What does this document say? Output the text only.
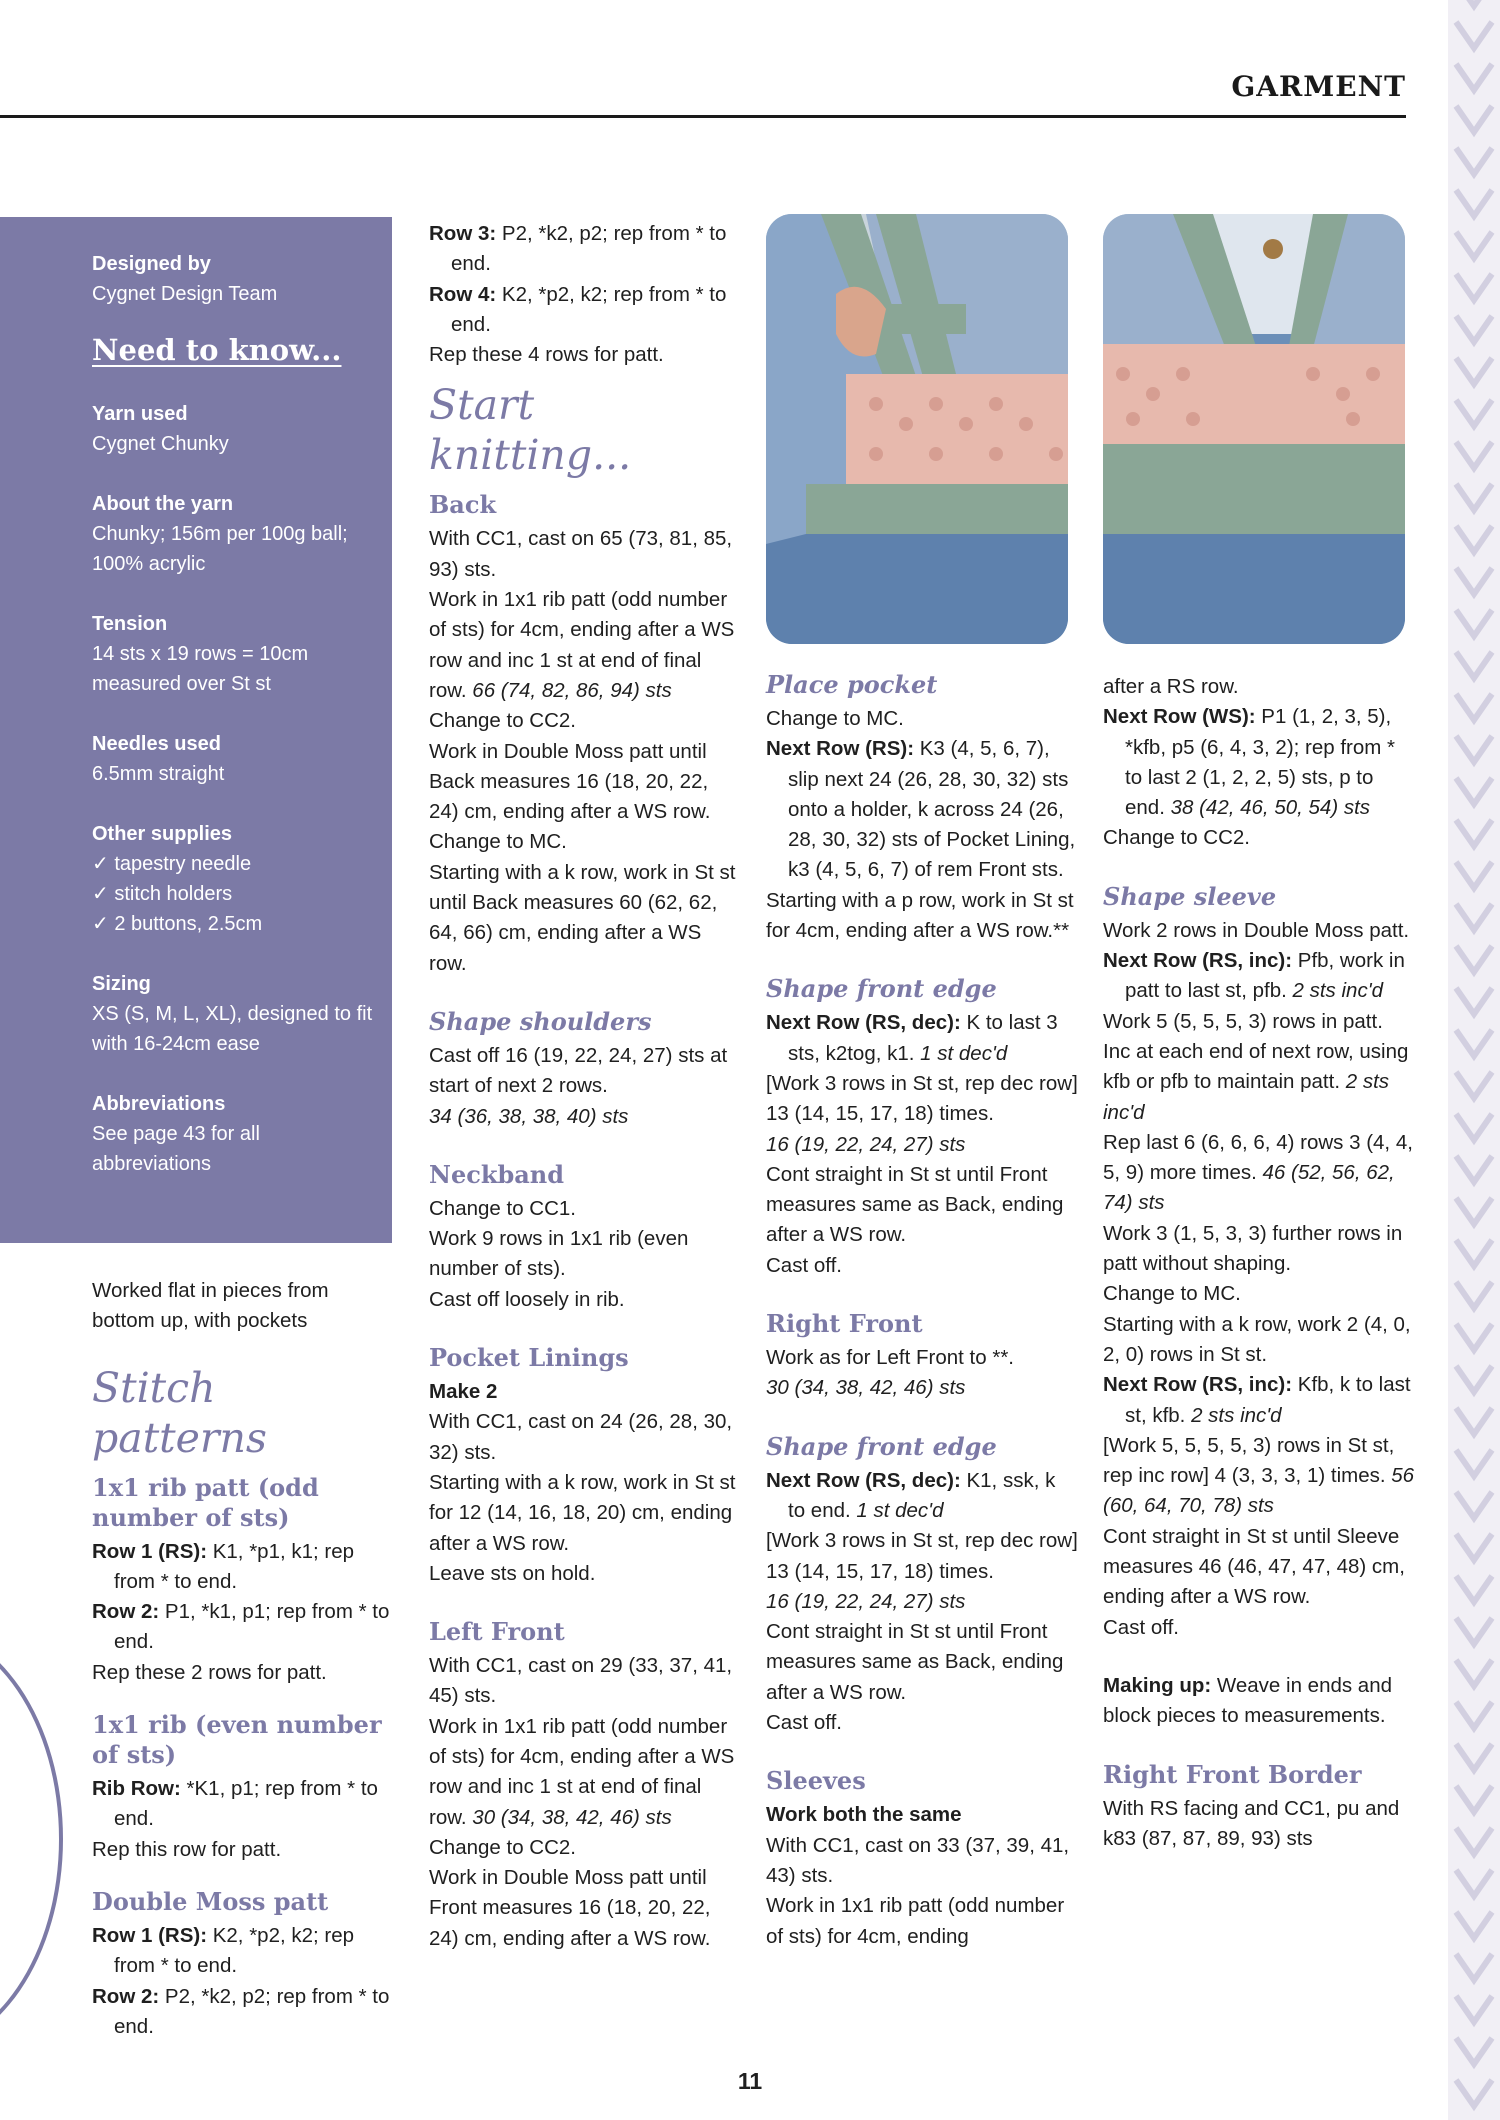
GARMENT
Designed by
Cygnet Design Team
Need to know...
Yarn used
Cygnet Chunky
About the yarn
Chunky; 156m per 100g ball; 100% acrylic
Tension
14 sts x 19 rows = 10cm measured over St st
Needles used
6.5mm straight
Other supplies
✓ tapestry needle
✓ stitch holders
✓ 2 buttons, 2.5cm
Sizing
XS (S, M, L, XL), designed to fit with 16-24cm ease
Abbreviations
See page 43 for all abbreviations

Worked flat in pieces from bottom up, with pockets

Stitch patterns
1x1 rib patt (odd number of sts)

Row 1 (RS): K1, *p1, k1; rep from * to end.

Row 2: P1, *k1, p1; rep from * to end.

Rep these 2 rows for patt.

1x1 rib (even number of sts)

Rib Row: *K1, p1; rep from * to end.

Rep this row for patt.

Double Moss patt

Row 1 (RS): K2, *p2, k2; rep from * to end.

Row 2: P2, *k2, p2; rep from * to end.

Row 3: P2, *k2, p2; rep from * to end.

Row 4: K2, *p2, k2; rep from * to end.

Rep these 4 rows for patt.

Start knitting...
Back

With CC1, cast on 65 (73, 81, 85, 93) sts.

Work in 1x1 rib patt (odd number of sts) for 4cm, ending after a WS row and inc 1 st at end of final row. 66 (74, 82, 86, 94) sts

Change to CC2.

Work in Double Moss patt until Back measures 16 (18, 20, 22, 24) cm, ending after a WS row.

Change to MC.

Starting with a k row, work in St st until Back measures 60 (62, 62, 64, 66) cm, ending after a WS row.

Shape shoulders

Cast off 16 (19, 22, 24, 27) sts at start of next 2 rows.

34 (36, 38, 38, 40) sts

Neckband

Change to CC1.

Work 9 rows in 1x1 rib (even number of sts).

Cast off loosely in rib.

Pocket Linings

Make 2

With CC1, cast on 24 (26, 28, 30, 32) sts.

Starting with a k row, work in St st for 12 (14, 16, 18, 20) cm, ending after a WS row.

Leave sts on hold.

Left Front

With CC1, cast on 29 (33, 37, 41, 45) sts.

Work in 1x1 rib patt (odd number of sts) for 4cm, ending after a WS row and inc 1 st at end of final row. 30 (34, 38, 42, 46) sts

Change to CC2.

Work in Double Moss patt until Front measures 16 (18, 20, 22, 24) cm, ending after a WS row.

Place pocket

Change to MC.

Next Row (RS): K3 (4, 5, 6, 7), slip next 24 (26, 28, 30, 32) sts onto a holder, k across 24 (26, 28, 30, 32) sts of Pocket Lining, k3 (4, 5, 6, 7) of rem Front sts.

Starting with a p row, work in St st for 4cm, ending after a WS row.**

Shape front edge

Next Row (RS, dec): K to last 3 sts, k2tog, k1. 1 st dec'd

[Work 3 rows in St st, rep dec row] 13 (14, 15, 17, 18) times.

16 (19, 22, 24, 27) sts

Cont straight in St st until Front measures same as Back, ending after a WS row.

Cast off.

Right Front

Work as for Left Front to **.

30 (34, 38, 42, 46) sts

Shape front edge

Next Row (RS, dec): K1, ssk, k to end. 1 st dec'd

[Work 3 rows in St st, rep dec row] 13 (14, 15, 17, 18) times.

16 (19, 22, 24, 27) sts

Cont straight in St st until Front measures same as Back, ending after a WS row.

Cast off.

Sleeves

Work both the same

With CC1, cast on 33 (37, 39, 41, 43) sts.

Work in 1x1 rib patt (odd number of sts) for 4cm, ending

after a RS row.

Next Row (WS): P1 (1, 2, 3, 5), *kfb, p5 (6, 4, 3, 2); rep from * to last 2 (1, 2, 2, 5) sts, p to end. 38 (42, 46, 50, 54) sts

Change to CC2.

Shape sleeve

Work 2 rows in Double Moss patt.

Next Row (RS, inc): Pfb, work in patt to last st, pfb. 2 sts inc'd

Work 5 (5, 5, 5, 3) rows in patt. Inc at each end of next row, using kfb or pfb to maintain patt. 2 sts inc'd

Rep last 6 (6, 6, 6, 4) rows 3 (4, 4, 5, 9) more times. 46 (52, 56, 62, 74) sts

Work 3 (1, 5, 3, 3) further rows in patt without shaping.

Change to MC.

Starting with a k row, work 2 (4, 0, 2, 0) rows in St st.

Next Row (RS, inc): Kfb, k to last st, kfb. 2 sts inc'd

[Work 5, 5, 5, 5, 3) rows in St st, rep inc row] 4 (3, 3, 3, 1) times. 56 (60, 64, 70, 78) sts

Cont straight in St st until Sleeve measures 46 (46, 47, 47, 48) cm, ending after a WS row.

Cast off.

Making up: Weave in ends and block pieces to measurements.

Right Front Border

With RS facing and CC1, pu and k83 (87, 87, 89, 93) sts

11
